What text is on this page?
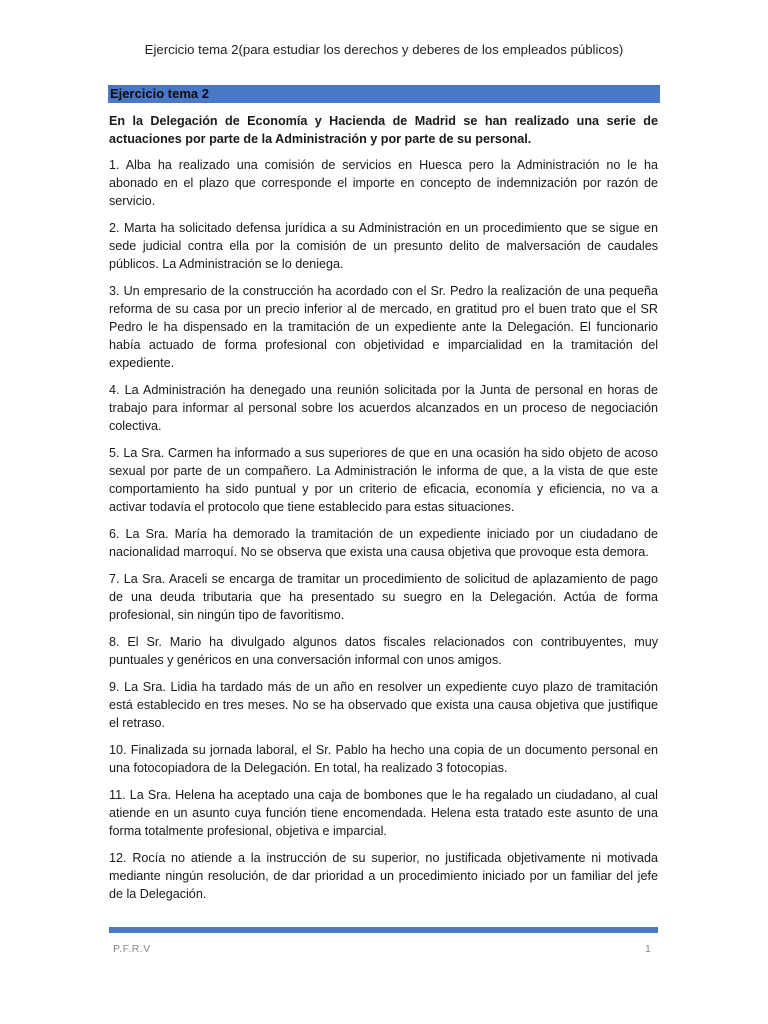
Ejercicio tema 2(para estudiar los derechos y deberes de los empleados públicos)
Ejercicio tema 2

En la Delegación de Economía y Hacienda de Madrid se han realizado una serie de actuaciones por parte de la Administración y por parte de su personal.

1. Alba ha realizado una comisión de servicios en Huesca pero la Administración no le ha abonado en el plazo que corresponde el importe en concepto de indemnización por razón de servicio.

2. Marta ha solicitado defensa jurídica a su Administración en un procedimiento que se sigue en sede judicial contra ella por la comisión de un presunto delito de malversación de caudales públicos. La Administración se lo deniega.

3. Un empresario de la construcción ha acordado con el Sr. Pedro la realización de una pequeña reforma de su casa por un precio inferior al de mercado, en gratitud pro el buen trato que el SR Pedro le ha dispensado en la tramitación de un expediente ante la Delegación. El funcionario había actuado de forma profesional con objetividad e imparcialidad en la tramitación del expediente.

4. La Administración ha denegado una reunión solicitada por la Junta de personal en horas de trabajo para informar al personal sobre los acuerdos alcanzados en un proceso de negociación colectiva.

5. La Sra. Carmen ha informado a sus superiores de que en una ocasión ha sido objeto de acoso sexual por parte de un compañero. La Administración le informa de que, a la vista de que este comportamiento ha sido puntual y por un criterio de eficacia, economía y eficiencia, no va a activar todavía el protocolo que tiene establecido para estas situaciones.

6. La Sra. María ha demorado la tramitación de un expediente iniciado por un ciudadano de nacionalidad marroquí. No se observa que exista una causa objetiva que provoque esta demora.

7. La Sra. Araceli se encarga de tramitar un procedimiento de solicitud de aplazamiento de pago de una deuda tributaria que ha presentado su suegro en la Delegación. Actúa de forma profesional, sin ningún tipo de favoritismo.

8. El Sr. Mario ha divulgado algunos datos fiscales relacionados con contribuyentes, muy puntuales y genéricos en una conversación informal con unos amigos.

9. La Sra. Lidia ha tardado más de un año en resolver un expediente cuyo plazo de tramitación está establecido en tres meses. No se ha observado que exista una causa objetiva que justifique el retraso.

10. Finalizada su jornada laboral, el Sr. Pablo ha hecho una copia de un documento personal en una fotocopiadora de la Delegación. En total, ha realizado 3 fotocopias.

11. La Sra. Helena ha aceptado una caja de bombones que le ha regalado un ciudadano, al cual atiende en un asunto cuya función tiene encomendada. Helena esta tratado este asunto de una forma totalmente profesional, objetiva e imparcial.

12. Rocía no atiende a la instrucción de su superior, no justificada objetivamente ni motivada mediante ningún resolución, de dar prioridad a un procedimiento iniciado por un familiar del jefe de la Delegación.

P.F.R.V	1
